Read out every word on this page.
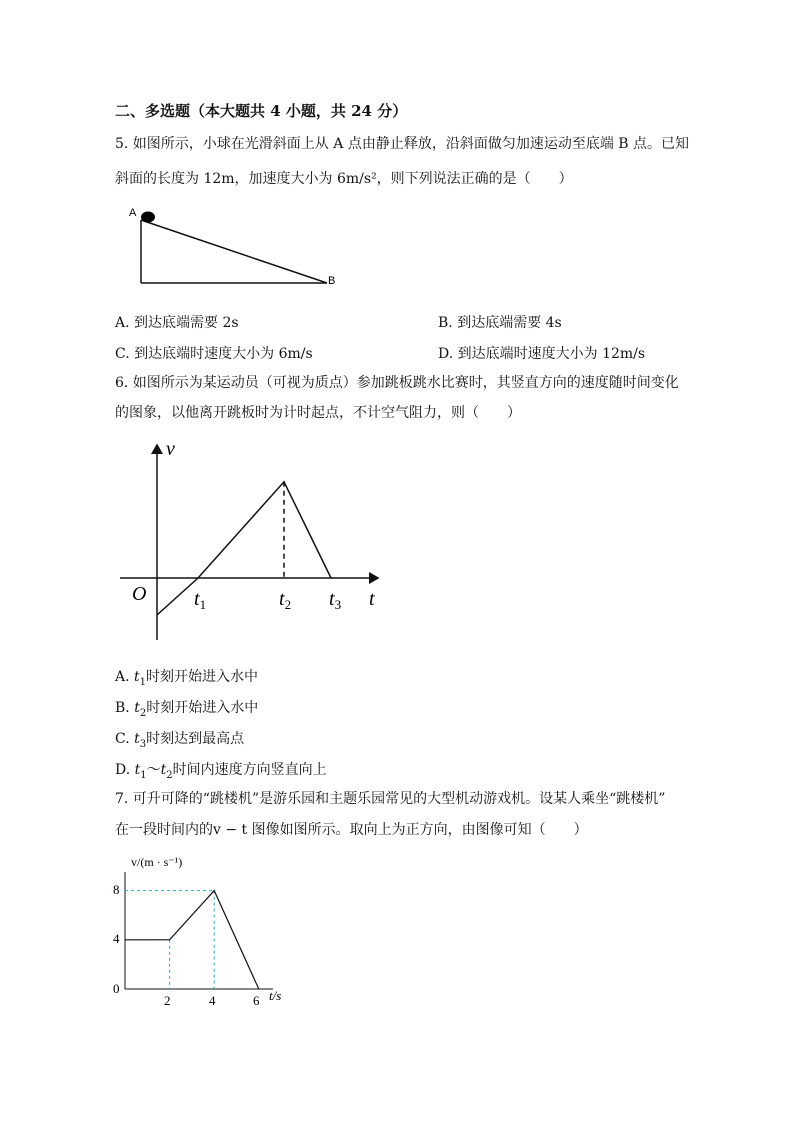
二、多选题（本大题共 4 小题，共 24 分）
5. 如图所示，小球在光滑斜面上从 A 点由静止释放，沿斜面做匀加速运动至底端 B 点。已知
斜面的长度为 12m，加速度大小为 6m/s²，则下列说法正确的是（　　）
A
B
A. 到达底端需要 2s	B. 到达底端需要 4s
C. 到达底端时速度大小为 6m/s	D. 到达底端时速度大小为 12m/s
6. 如图所示为某运动员（可视为质点）参加跳板跳水比赛时，其竖直方向的速度随时间变化
的图象，以他离开跳板时为计时起点，不计空气阻力，则（　　）
v
O	t
$t_1$	$t_2$ $t_3$
A. $t_1$时刻开始进入水中
B. $t_2$时刻开始进入水中
C. $t_3$时刻达到最高点
D. $t_1\sim t_2$时间内速度方向竖直向上
7. 可升可降的“跳楼机”是游乐园和主题乐园常见的大型机动游戏机。设某人乘坐“跳楼机”
在一段时间内的v − t 图像如图所示。取向上为正方向，由图像可知（　　）
v/(m · s⁻¹)
8
4
0
2	4	6 t/s
